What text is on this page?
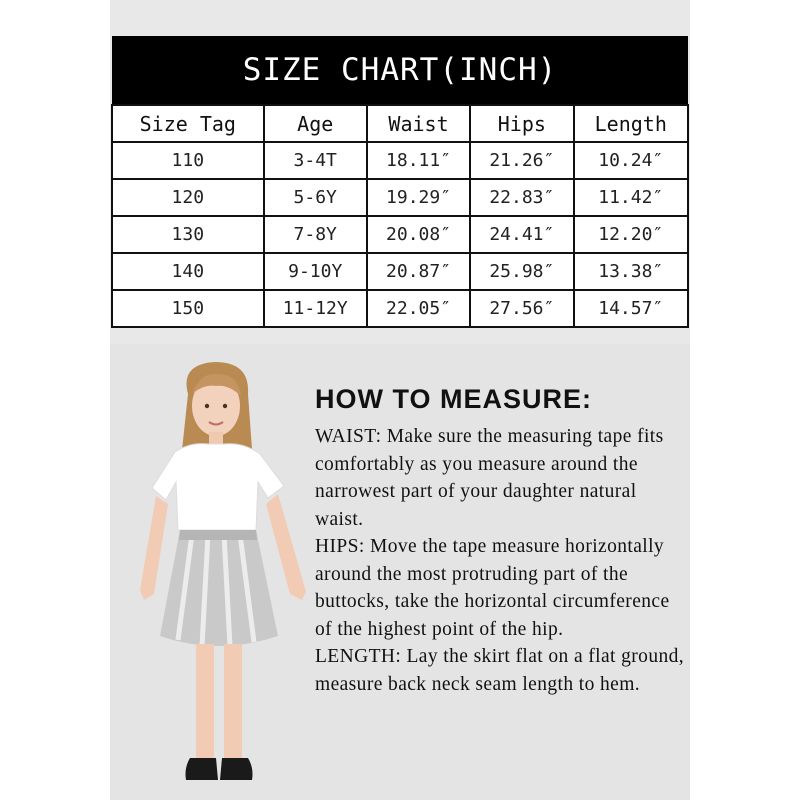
SIZE CHART(INCH)
Size Tag	Age	Waist	Hips	Length
110	3-4T	18.11″	21.26″	10.24″
120	5-6Y	19.29″	22.83″	11.42″
130	7-8Y	20.08″	24.41″	12.20″
140	9-10Y	20.87″	25.98″	13.38″
150	11-12Y	22.05″	27.56″	14.57″
HOW TO MEASURE:

WAIST: Make sure the measuring tape fits comfortably as you measure around the narrowest part of your daughter natural waist.

HIPS: Move the tape measure horizontally around the most protruding part of the buttocks, take the horizontal circumference of the highest point of the hip.

LENGTH: Lay the skirt flat on a flat ground, measure back neck seam length to hem.
